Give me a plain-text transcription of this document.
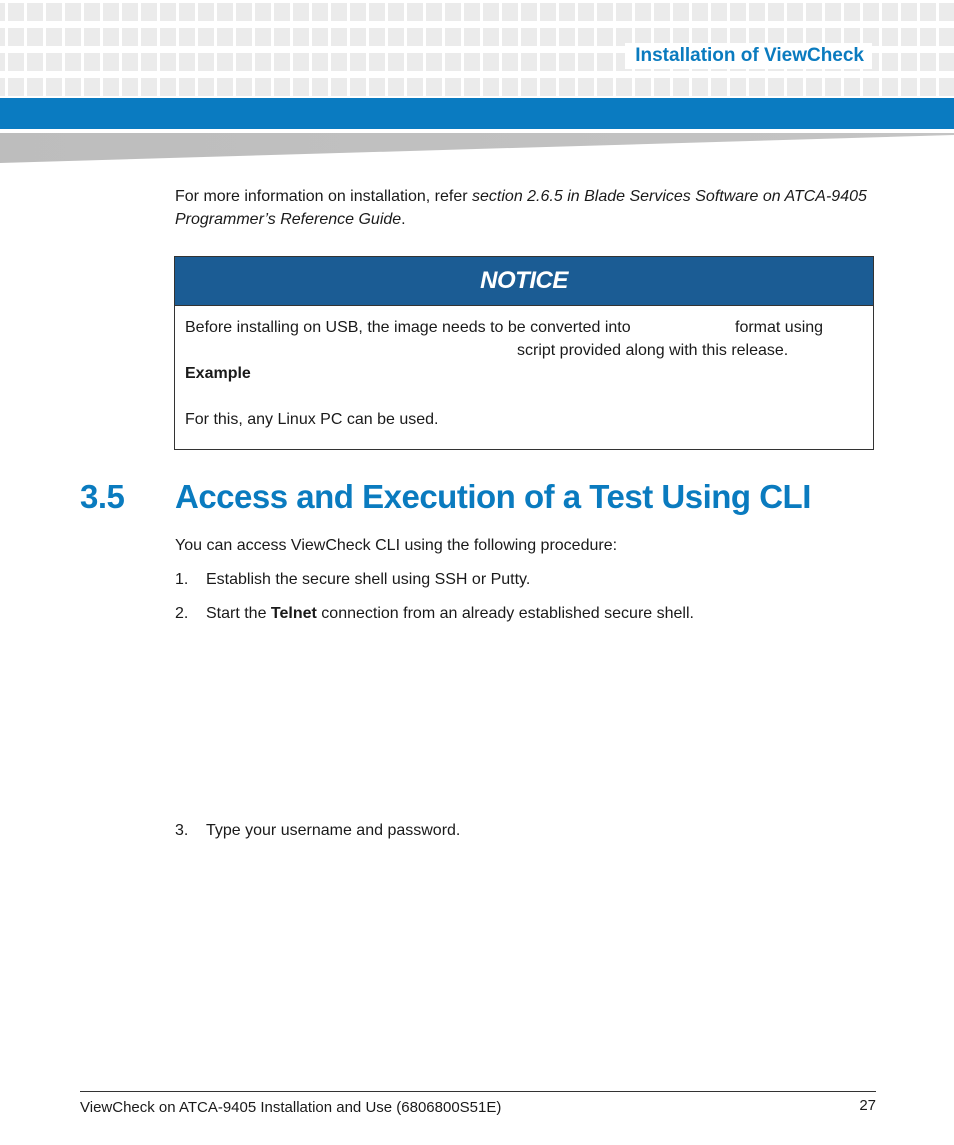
Installation of ViewCheck
For more information on installation, refer section 2.6.5 in Blade Services Software on ATCA-9405 Programmer’s Reference Guide.
NOTICE
Before installing on USB, the image needs to be converted into	format using
script provided along with this release.
Example
For this, any Linux PC can be used.
3.5 Access and Execution of a Test Using CLI
You can access ViewCheck CLI using the following procedure:
1. Establish the secure shell using SSH or Putty.
2. Start the Telnet connection from an already established secure shell.
3. Type your username and password.
ViewCheck on ATCA-9405 Installation and Use (6806800S51E)	27
